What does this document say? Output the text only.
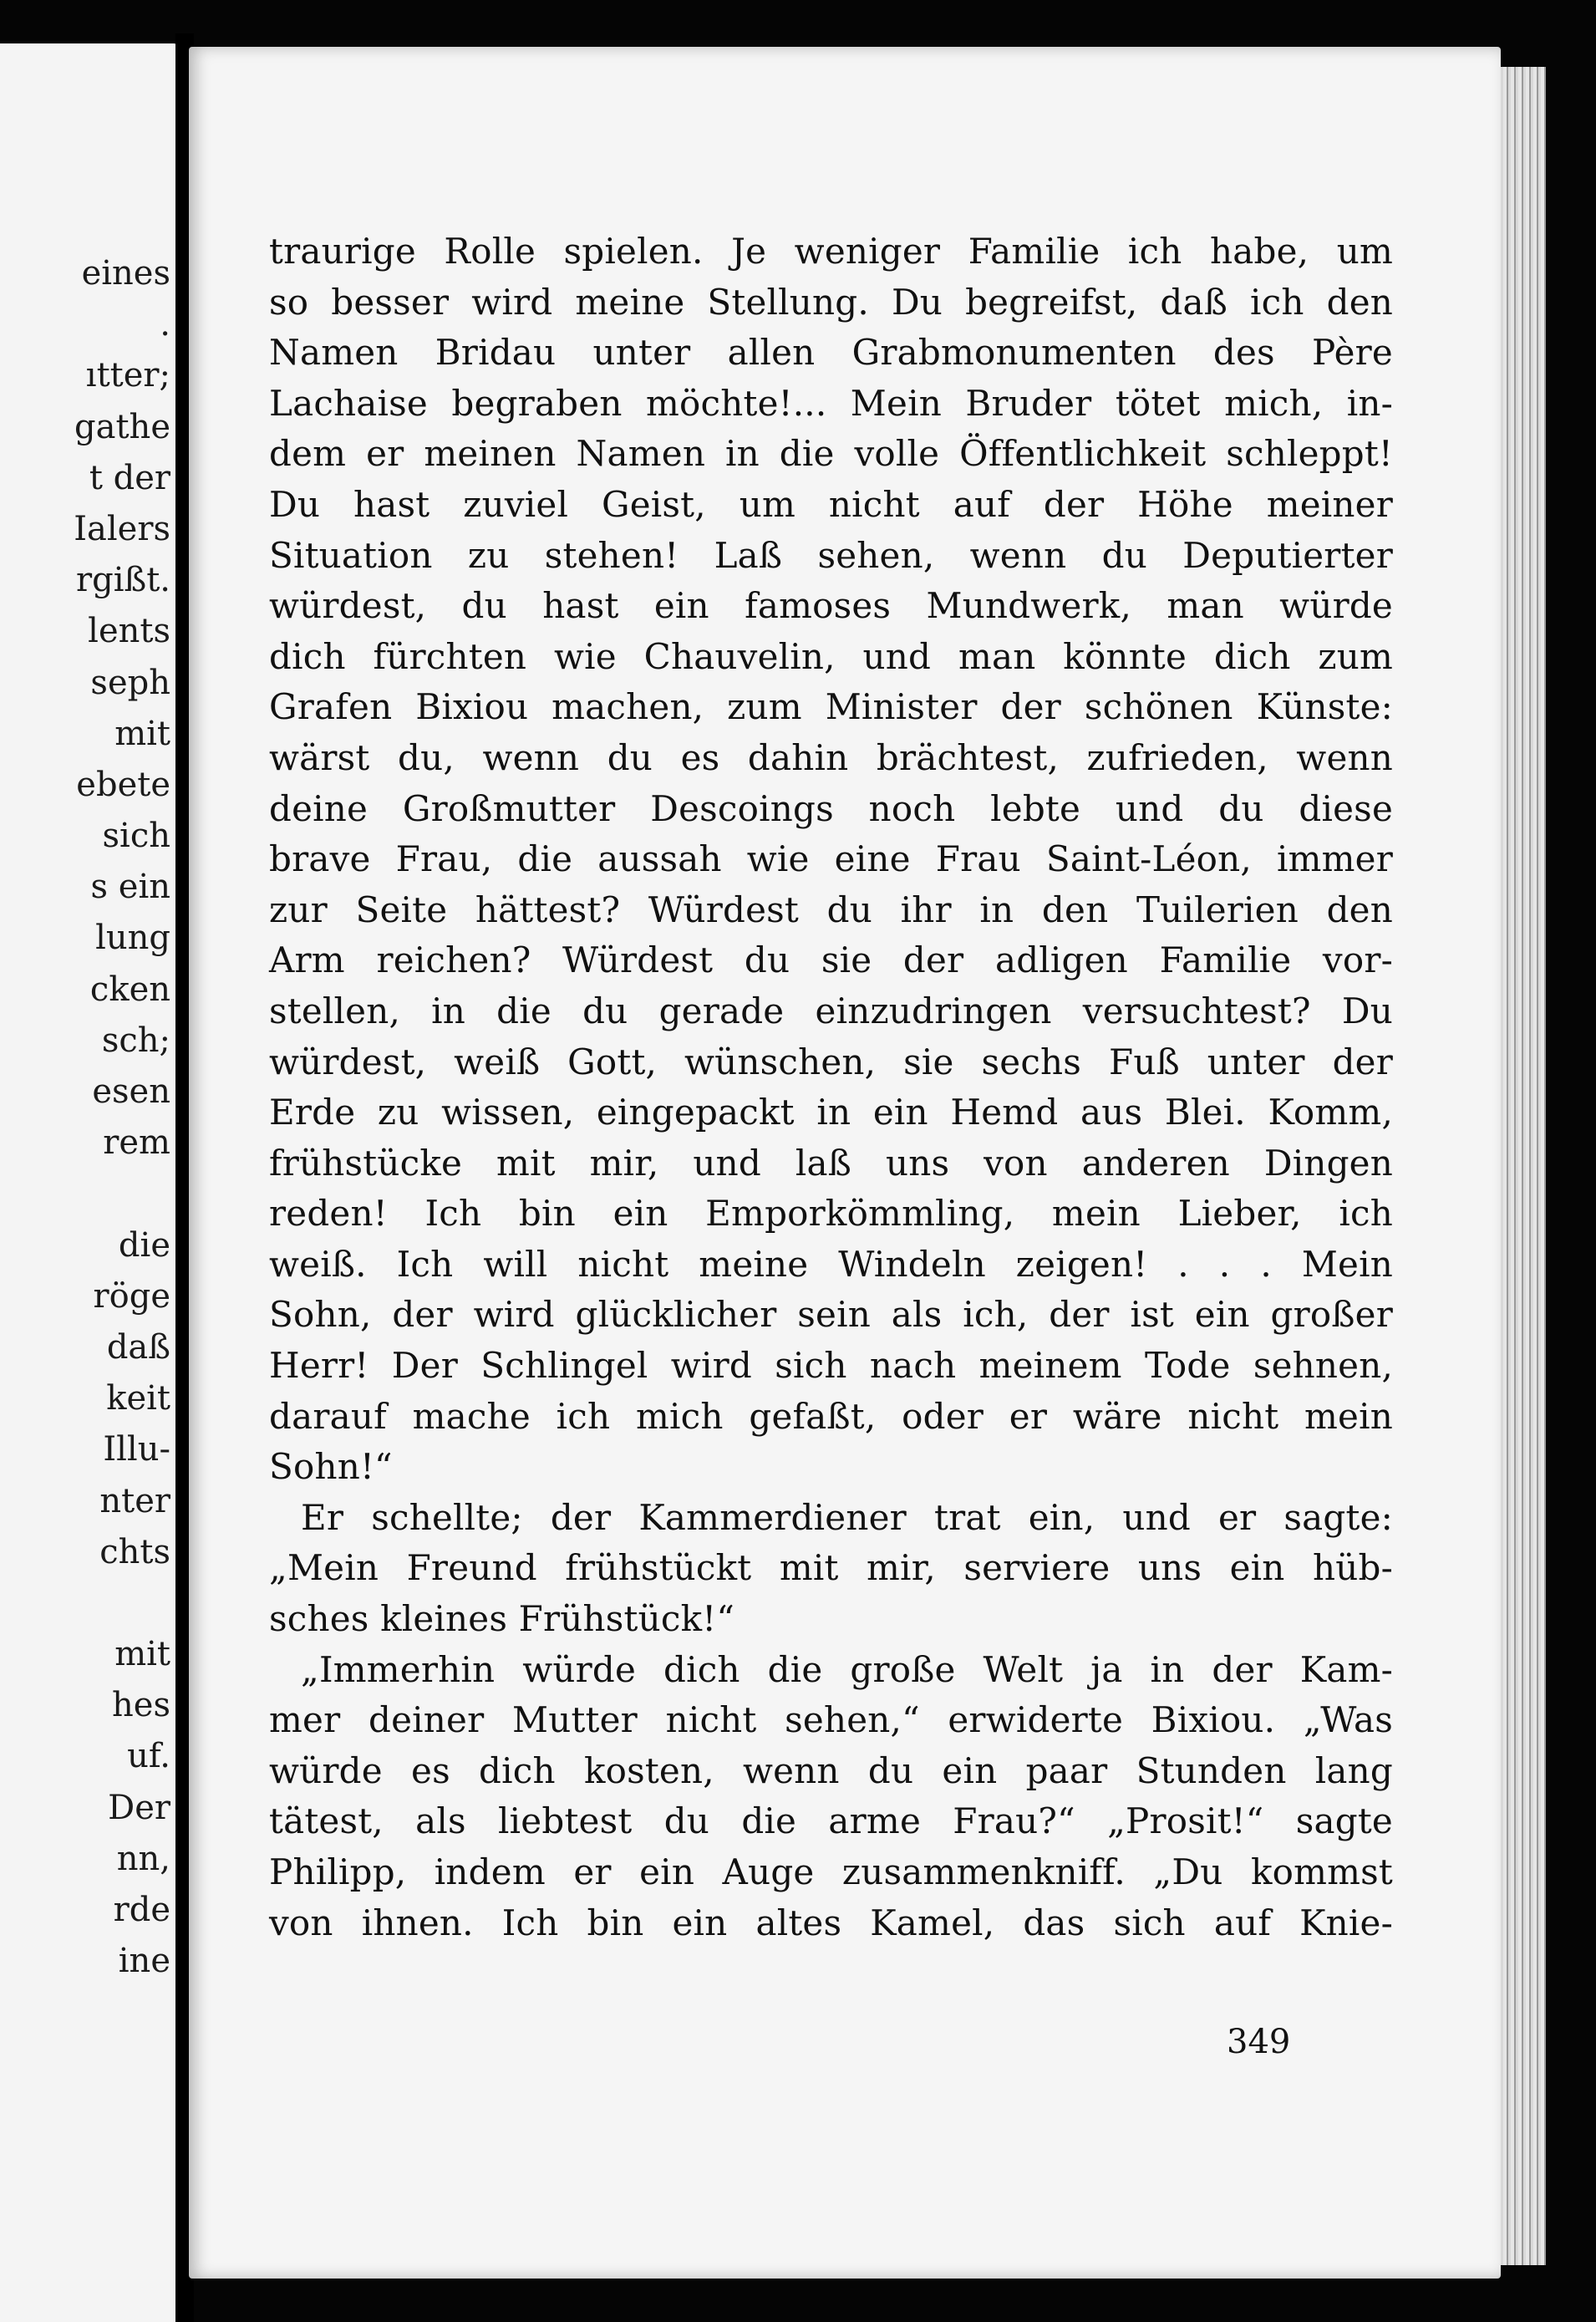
eines
.
ıtter;
gathe
t der
Ialers
rgißt.
lents
seph
mit
ebete
sich
s ein
lung
cken
sch;
esen
rem
die
röge
daß
keit
Illu-
nter
chts
mit
hes
uf.
Der
nn,
rde
ine
traurige Rolle spielen. Je weniger Familie ich habe, um
so besser wird meine Stellung. Du begreifst, daß ich den
Namen Bridau unter allen Grabmonumenten des Père
Lachaise begraben möchte!... Mein Bruder tötet mich, in-
dem er meinen Namen in die volle Öffentlichkeit schleppt!
Du hast zuviel Geist, um nicht auf der Höhe meiner
Situation zu stehen! Laß sehen, wenn du Deputierter
würdest, du hast ein famoses Mundwerk, man würde
dich fürchten wie Chauvelin, und man könnte dich zum
Grafen Bixiou machen, zum Minister der schönen Künste:
wärst du, wenn du es dahin brächtest, zufrieden, wenn
deine Großmutter Descoings noch lebte und du diese
brave Frau, die aussah wie eine Frau Saint-Léon, immer
zur Seite hättest? Würdest du ihr in den Tuilerien den
Arm reichen? Würdest du sie der adligen Familie vor-
stellen, in die du gerade einzudringen versuchtest? Du
würdest, weiß Gott, wünschen, sie sechs Fuß unter der
Erde zu wissen, eingepackt in ein Hemd aus Blei. Komm,
frühstücke mit mir, und laß uns von anderen Dingen
reden! Ich bin ein Emporkömmling, mein Lieber, ich
weiß. Ich will nicht meine Windeln zeigen! . . . Mein
Sohn, der wird glücklicher sein als ich, der ist ein großer
Herr! Der Schlingel wird sich nach meinem Tode sehnen,
darauf mache ich mich gefaßt, oder er wäre nicht mein
Sohn!“
Er schellte; der Kammerdiener trat ein, und er sagte:
„Mein Freund frühstückt mit mir, serviere uns ein hüb-
sches kleines Frühstück!“
„Immerhin würde dich die große Welt ja in der Kam-
mer deiner Mutter nicht sehen,“ erwiderte Bixiou. „Was
würde es dich kosten, wenn du ein paar Stunden lang
tätest, als liebtest du die arme Frau?“ „Prosit!“ sagte
Philipp, indem er ein Auge zusammenkniff. „Du kommst
von ihnen. Ich bin ein altes Kamel, das sich auf Knie-
349
